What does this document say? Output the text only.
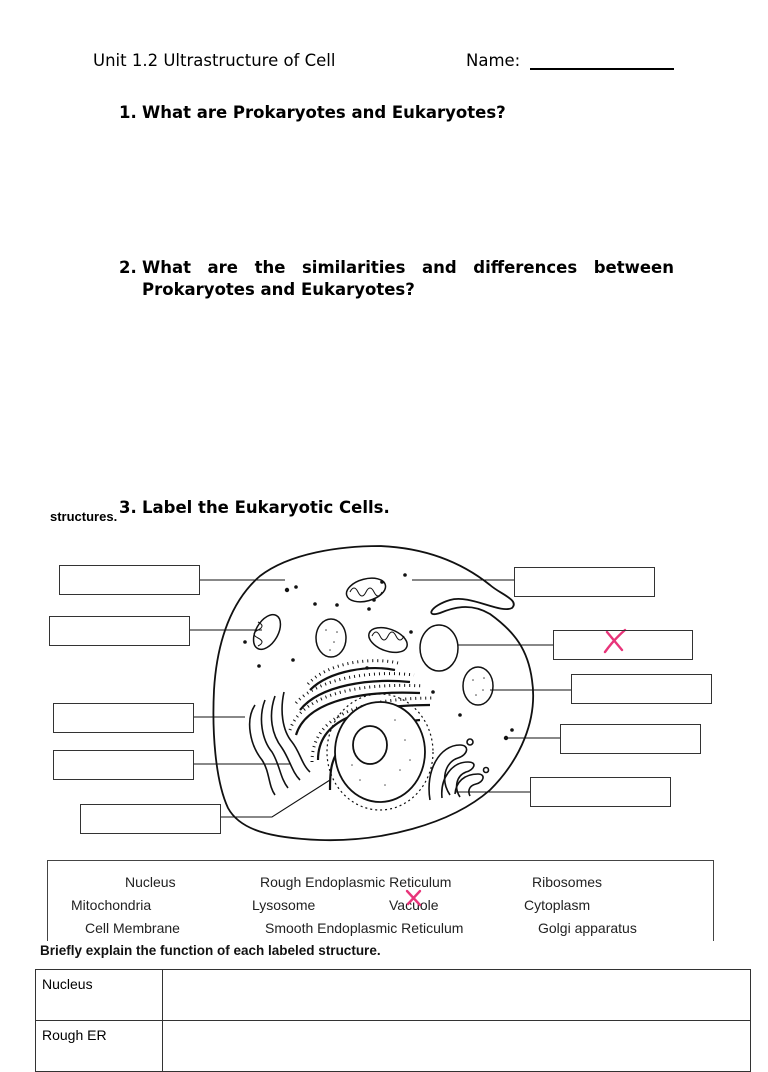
Unit 1.2 Ultrastructure of Cell	Name:
1. What are Prokaryotes and Eukaryotes?
2. What are the similarities and differences between
Prokaryotes and Eukaryotes?
3. Label the Eukaryotic Cells.
structures.
Nucleus	Rough Endoplasmic Reticulum	Ribosomes
Mitochondria	Lysosome	Vacuole	Cytoplasm
Cell Membrane	Smooth Endoplasmic Reticulum	Golgi apparatus
Briefly explain the function of each labeled structure.
Nucleus	
Rough ER	
